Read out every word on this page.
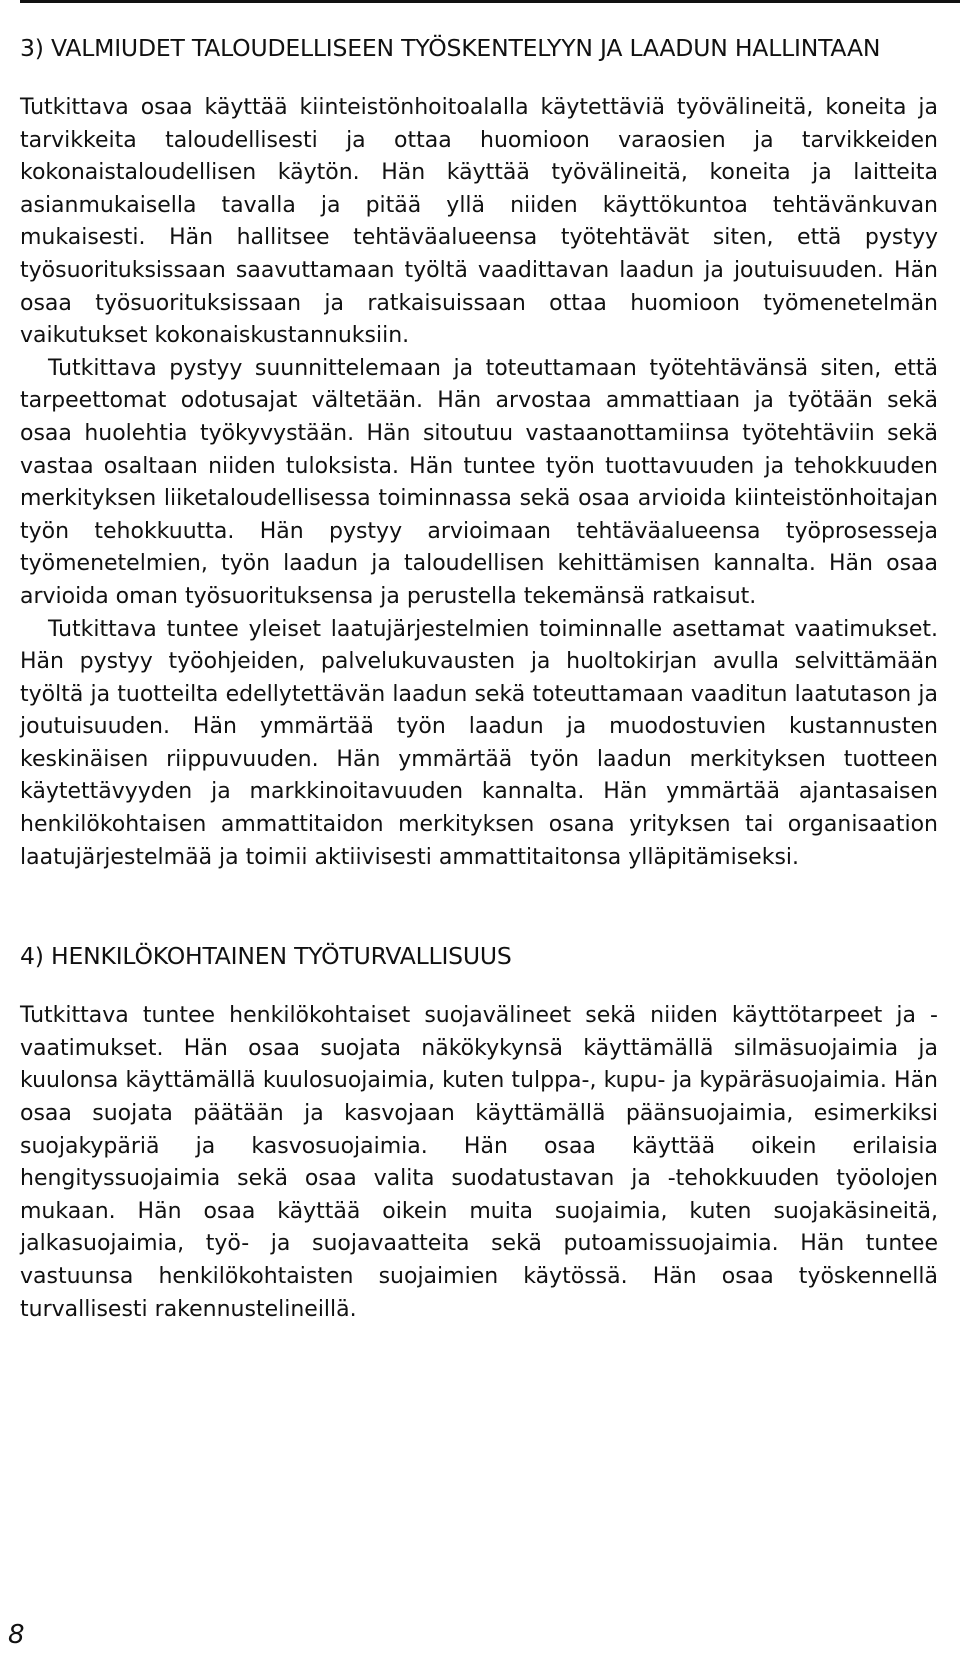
3) VALMIUDET TALOUDELLISEEN TYÖSKENTELYYN JA LAADUN HALLINTAAN

Tutkittava osaa käyttää kiinteistönhoitoalalla käytettäviä työvälineitä, koneita ja tarvikkeita taloudellisesti ja ottaa huomioon varaosien ja tarvikkeiden kokonaistaloudellisen käytön. Hän käyttää työvälineitä, koneita ja laitteita asianmukaisella tavalla ja pitää yllä niiden käyttökuntoa tehtävänkuvan mukaisesti. Hän hallitsee tehtäväalueensa työtehtävät siten, että pystyy työsuorituksissaan saavuttamaan työltä vaadittavan laadun ja joutuisuuden. Hän osaa työsuorituksissaan ja ratkaisuissaan ottaa huomioon työmenetelmän vaikutukset kokonaiskustannuksiin.

Tutkittava pystyy suunnittelemaan ja toteuttamaan työtehtävänsä siten, että tarpeettomat odotusajat vältetään. Hän arvostaa ammattiaan ja työtään sekä osaa huolehtia työkyvystään. Hän sitoutuu vastaanottamiinsa työtehtäviin sekä vastaa osaltaan niiden tuloksista. Hän tuntee työn tuottavuuden ja tehokkuuden merkityksen liiketaloudellisessa toiminnassa sekä osaa arvioida kiinteistönhoitajan työn tehokkuutta. Hän pystyy arvioimaan tehtäväalueensa työprosesseja työmenetelmien, työn laadun ja taloudellisen kehittämisen kannalta. Hän osaa arvioida oman työsuorituksensa ja perustella tekemänsä ratkaisut.

Tutkittava tuntee yleiset laatujärjestelmien toiminnalle asettamat vaatimukset. Hän pystyy työohjeiden, palvelukuvausten ja huoltokirjan avulla selvittämään työltä ja tuotteilta edellytettävän laadun sekä toteuttamaan vaaditun laatutason ja joutuisuuden. Hän ymmärtää työn laadun ja muodostuvien kustannusten keskinäisen riippuvuuden. Hän ymmärtää työn laadun merkityksen tuotteen käytettävyyden ja markkinoitavuuden kannalta. Hän ymmärtää ajantasaisen henkilökohtaisen ammattitaidon merkityksen osana yrityksen tai organisaation laatujärjestelmää ja toimii aktiivisesti ammattitaitonsa ylläpitämiseksi.

4) HENKILÖKOHTAINEN TYÖTURVALLISUUS

Tutkittava tuntee henkilökohtaiset suojavälineet sekä niiden käyttötarpeet ja -vaatimukset. Hän osaa suojata näkökykynsä käyttämällä silmäsuojaimia ja kuulonsa käyttämällä kuulosuojaimia, kuten tulppa-, kupu- ja kypäräsuojaimia. Hän osaa suojata päätään ja kasvojaan käyttämällä päänsuojaimia, esimerkiksi suojakypäriä ja kasvosuojaimia. Hän osaa käyttää oikein erilaisia hengityssuojaimia sekä osaa valita suodatustavan ja -tehokkuuden työolojen mukaan. Hän osaa käyttää oikein muita suojaimia, kuten suojakäsineitä, jalkasuojaimia, työ- ja suojavaatteita sekä putoamissuojaimia. Hän tuntee vastuunsa henkilökohtaisten suojaimien käytössä. Hän osaa työskennellä turvallisesti rakennustelineillä.

8
